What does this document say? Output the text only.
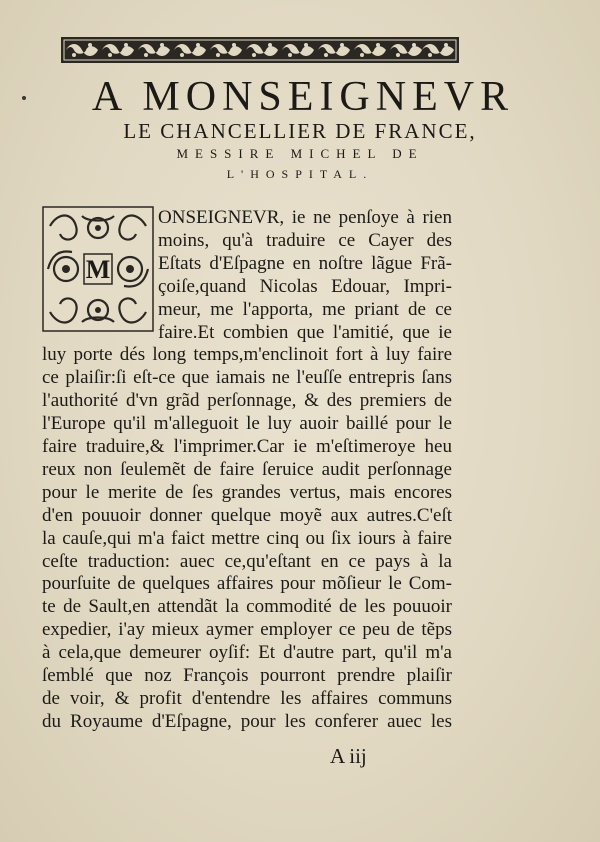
A MONSEIGNEVR
LE CHANCELLIER DE FRANCE,
MESSIRE MICHEL DE
L'HOSPITAL.
M
ONSEIGNEVR, ie ne penſoye à rien
moins, qu'à traduire ce Cayer des
Eſtats d'Eſpagne en noſtre lãgue Frã-
çoiſe,quand Nicolas Edouar, Impri-
meur, me l'apporta, me priant de ce
faire.Et combien que l'amitié, que ie
luy porte dés long temps,m'enclinoit fort à luy faire
ce plaiſir:ſi eſt-ce que iamais ne l'euſſe entrepris ſans
l'authorité d'vn grãd perſonnage, & des premiers de
l'Europe qu'il m'alleguoit le luy auoir baillé pour le
faire traduire,& l'imprimer.Car ie m'eſtimeroye heu
reux non ſeulemẽt de faire ſeruice audit perſonnage
pour le merite de ſes grandes vertus, mais encores
d'en pouuoir donner quelque moyẽ aux autres.C'eſt
la cauſe,qui m'a faict mettre cinq ou ſix iours à faire
ceſte traduction: auec ce,qu'eſtant en ce pays à la
pourſuite de quelques affaires pour mõſieur le Com-
te de Sault,en attendãt la commodité de les pouuoir
expedier, i'ay mieux aymer employer ce peu de tẽps
à cela,que demeurer oyſif: Et d'autre part, qu'il m'a
ſemblé que noz François pourront prendre plaiſir
de voir, & profit d'entendre les affaires communs
du Royaume d'Eſpagne, pour les conferer auec les
A iij
